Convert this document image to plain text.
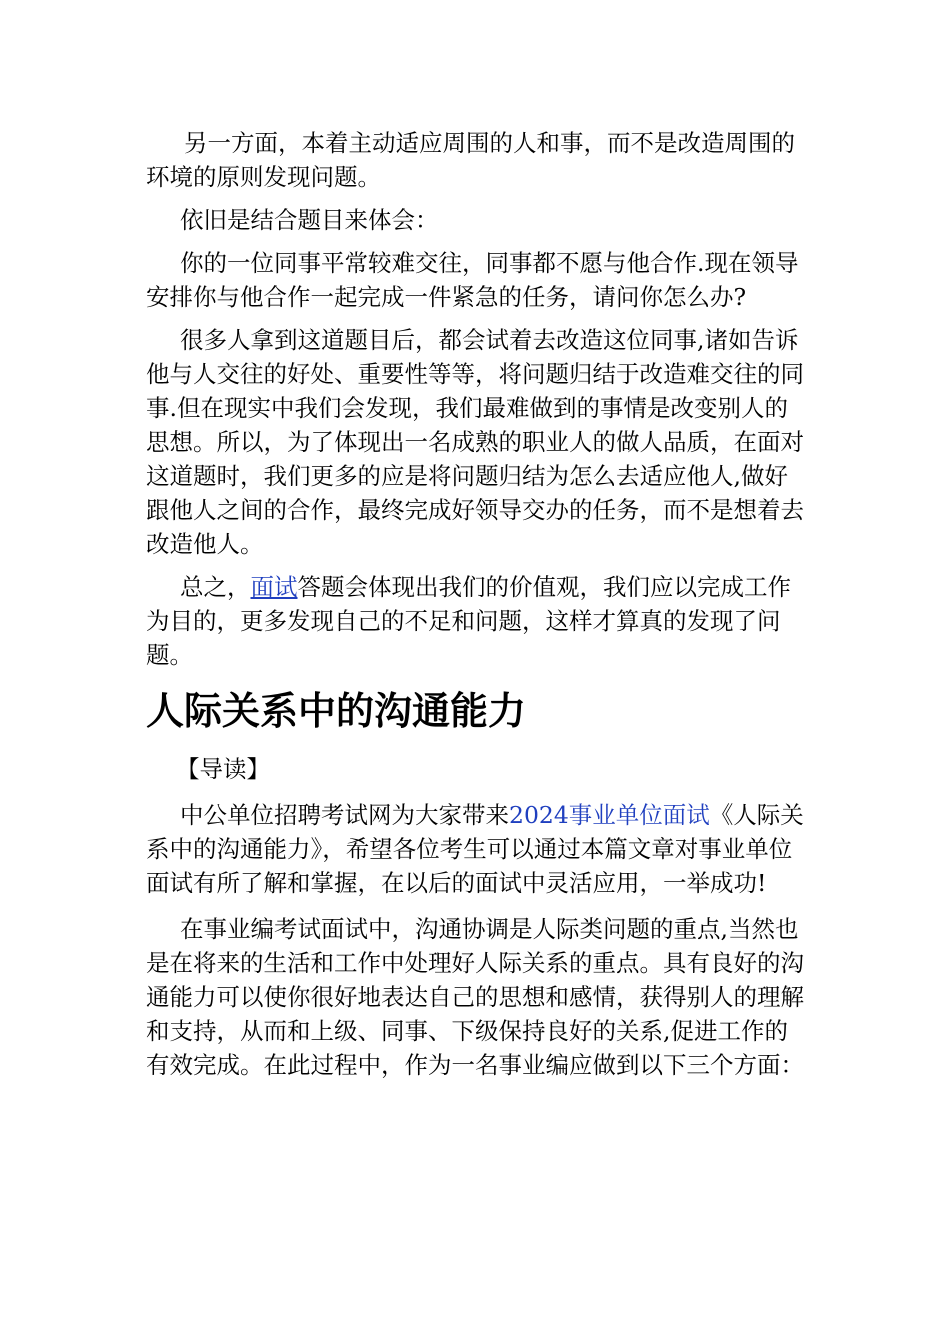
另一方面，本着主动适应周围的人和事，而不是改造周围的环境的原则发现问题。

依旧是结合题目来体会：

你的一位同事平常较难交往，同事都不愿与他合作.现在领导安排你与他合作一起完成一件紧急的任务，请问你怎么办?

很多人拿到这道题目后，都会试着去改造这位同事,诸如告诉他与人交往的好处、重要性等等，将问题归结于改造难交往的同事.但在现实中我们会发现，我们最难做到的事情是改变别人的思想。所以，为了体现出一名成熟的职业人的做人品质，在面对这道题时，我们更多的应是将问题归结为怎么去适应他人,做好跟他人之间的合作，最终完成好领导交办的任务，而不是想着去改造他人。

总之，面试答题会体现出我们的价值观，我们应以完成工作为目的，更多发现自己的不足和问题，这样才算真的发现了问题。

人际关系中的沟通能力

【导读】

中公单位招聘考试网为大家带来2024事业单位面试《人际关系中的沟通能力》，希望各位考生可以通过本篇文章对事业单位面试有所了解和掌握，在以后的面试中灵活应用，一举成功!

在事业编考试面试中，沟通协调是人际类问题的重点,当然也是在将来的生活和工作中处理好人际关系的重点。具有良好的沟通能力可以使你很好地表达自己的思想和感情，获得别人的理解和支持，从而和上级、同事、下级保持良好的关系,促进工作的有效完成。在此过程中，作为一名事业编应做到以下三个方面：
